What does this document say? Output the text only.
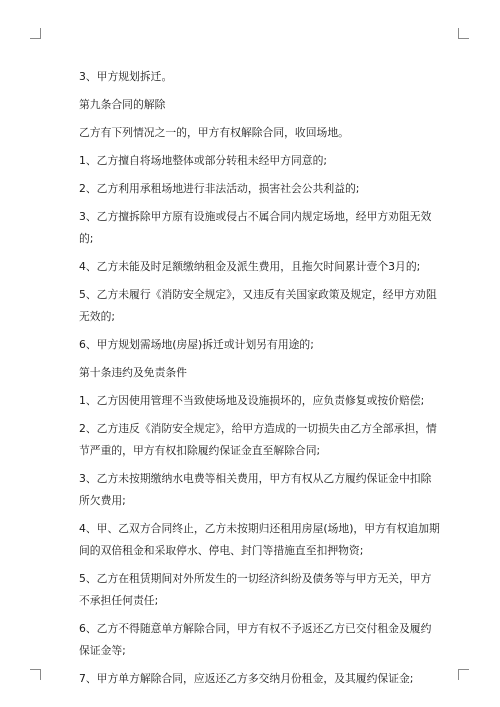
3、甲方规划拆迁。

第九条合同的解除

乙方有下列情况之一的，甲方有权解除合同，收回场地。

1、乙方擅自将场地整体或部分转租未经甲方同意的;

2、乙方利用承租场地进行非法活动，损害社会公共利益的;

3、乙方擅拆除甲方原有设施或侵占不属合同内规定场地，经甲方劝阻无效的;

4、乙方未能及时足额缴纳租金及派生费用，且拖欠时间累计壹个3月的;

5、乙方未履行《消防安全规定》，又违反有关国家政策及规定，经甲方劝阻无效的;

6、甲方规划需场地(房屋)拆迁或计划另有用途的;

第十条违约及免责条件

1、乙方因使用管理不当致使场地及设施损坏的，应负责修复或按价赔偿;

2、乙方违反《消防安全规定》，给甲方造成的一切损失由乙方全部承担，情节严重的，甲方有权扣除履约保证金直至解除合同;

3、乙方未按期缴纳水电费等相关费用，甲方有权从乙方履约保证金中扣除所欠费用;

4、甲、乙双方合同终止，乙方未按期归还租用房屋(场地)，甲方有权追加期间的双倍租金和采取停水、停电、封门等措施直至扣押物资;

5、乙方在租赁期间对外所发生的一切经济纠纷及债务等与甲方无关，甲方不承担任何责任;

6、乙方不得随意单方解除合同，甲方有权不予返还乙方已交付租金及履约保证金等;

7、甲方单方解除合同，应返还乙方多交纳月份租金，及其履约保证金;
